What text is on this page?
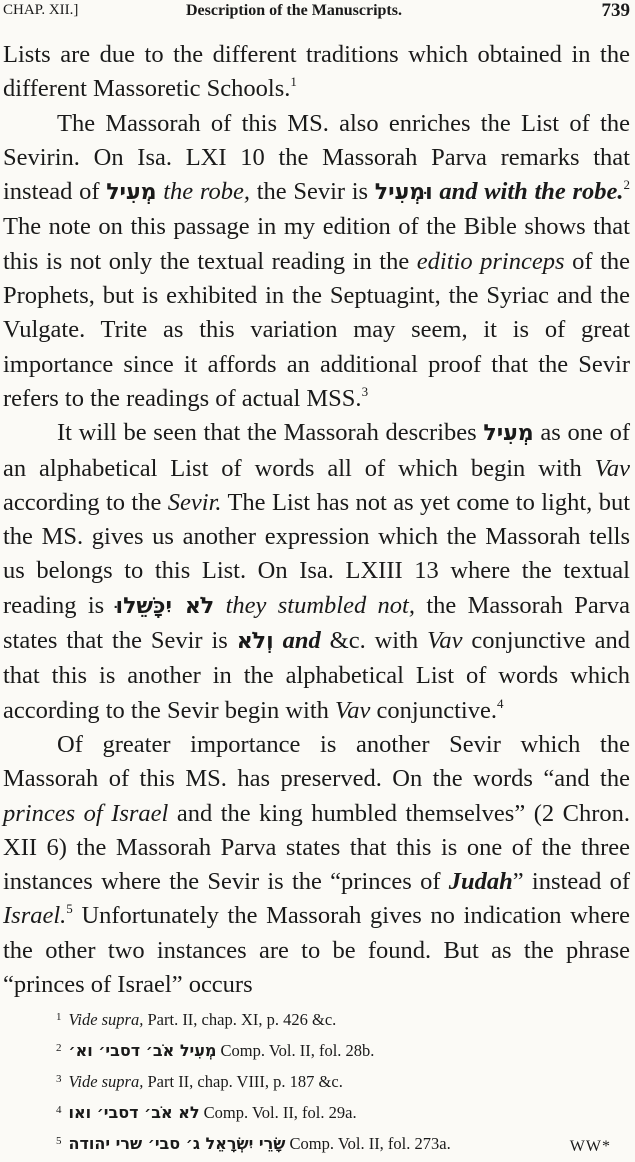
CHAP. XII.]	Description of the Manuscripts.	739

Lists are due to the different traditions which obtained in the different Massoretic Schools.$^1$

The Massorah of this MS. also enriches the List of the Sevirin. On Isa. LXI 10 the Massorah Parva remarks that instead of מְעִיל the robe, the Sevir is וּמְעִיל and with the robe.$^2$ The note on this passage in my edition of the Bible shows that this is not only the textual reading in the editio princeps of the Prophets, but is exhibited in the Septuagint, the Syriac and the Vulgate. Trite as this variation may seem, it is of great importance since it affords an additional proof that the Sevir refers to the readings of actual MSS.$^3$

It will be seen that the Massorah describes מְעִיל as one of an alphabetical List of words all of which begin with Vav according to the Sevir. The List has not as yet come to light, but the MS. gives us another expression which the Massorah tells us belongs to this List. On Isa. LXIII 13 where the textual reading is לֹא יִכָּשֵׁלוּ they stumbled not, the Massorah Parva states that the Sevir is וְלֹא and &c. with Vav conjunctive and that this is another in the alphabetical List of words which according to the Sevir begin with Vav conjunctive.$^4$

Of greater importance is another Sevir which the Massorah of this MS. has preserved. On the words “and the princes of Israel and the king humbled themselves” (2 Chron. XII 6) the Massorah Parva states that this is one of the three instances where the Sevir is the “princes of Judah” instead of Israel.$^5$ Unfortunately the Massorah gives no indication where the other two instances are to be found. But as the phrase “princes of Israel” occurs

$^1$ Vide supra, Part. II, chap. XI, p. 426 &c.
$^2$ מְעִיל אֹב׳ דסבי׳ וא׳ Comp. Vol. II, fol. 28b.
$^3$ Vide supra, Part II, chap. VIII, p. 187 &c.
$^4$ לא אֹב׳ דסבי׳ ואו Comp. Vol. II, fol. 29a.
$^5$ שָׂרֵי יִשְׂרָאֵל ג׳ סבי׳ שרי יהודה Comp. Vol. II, fol. 273a.	WW*
